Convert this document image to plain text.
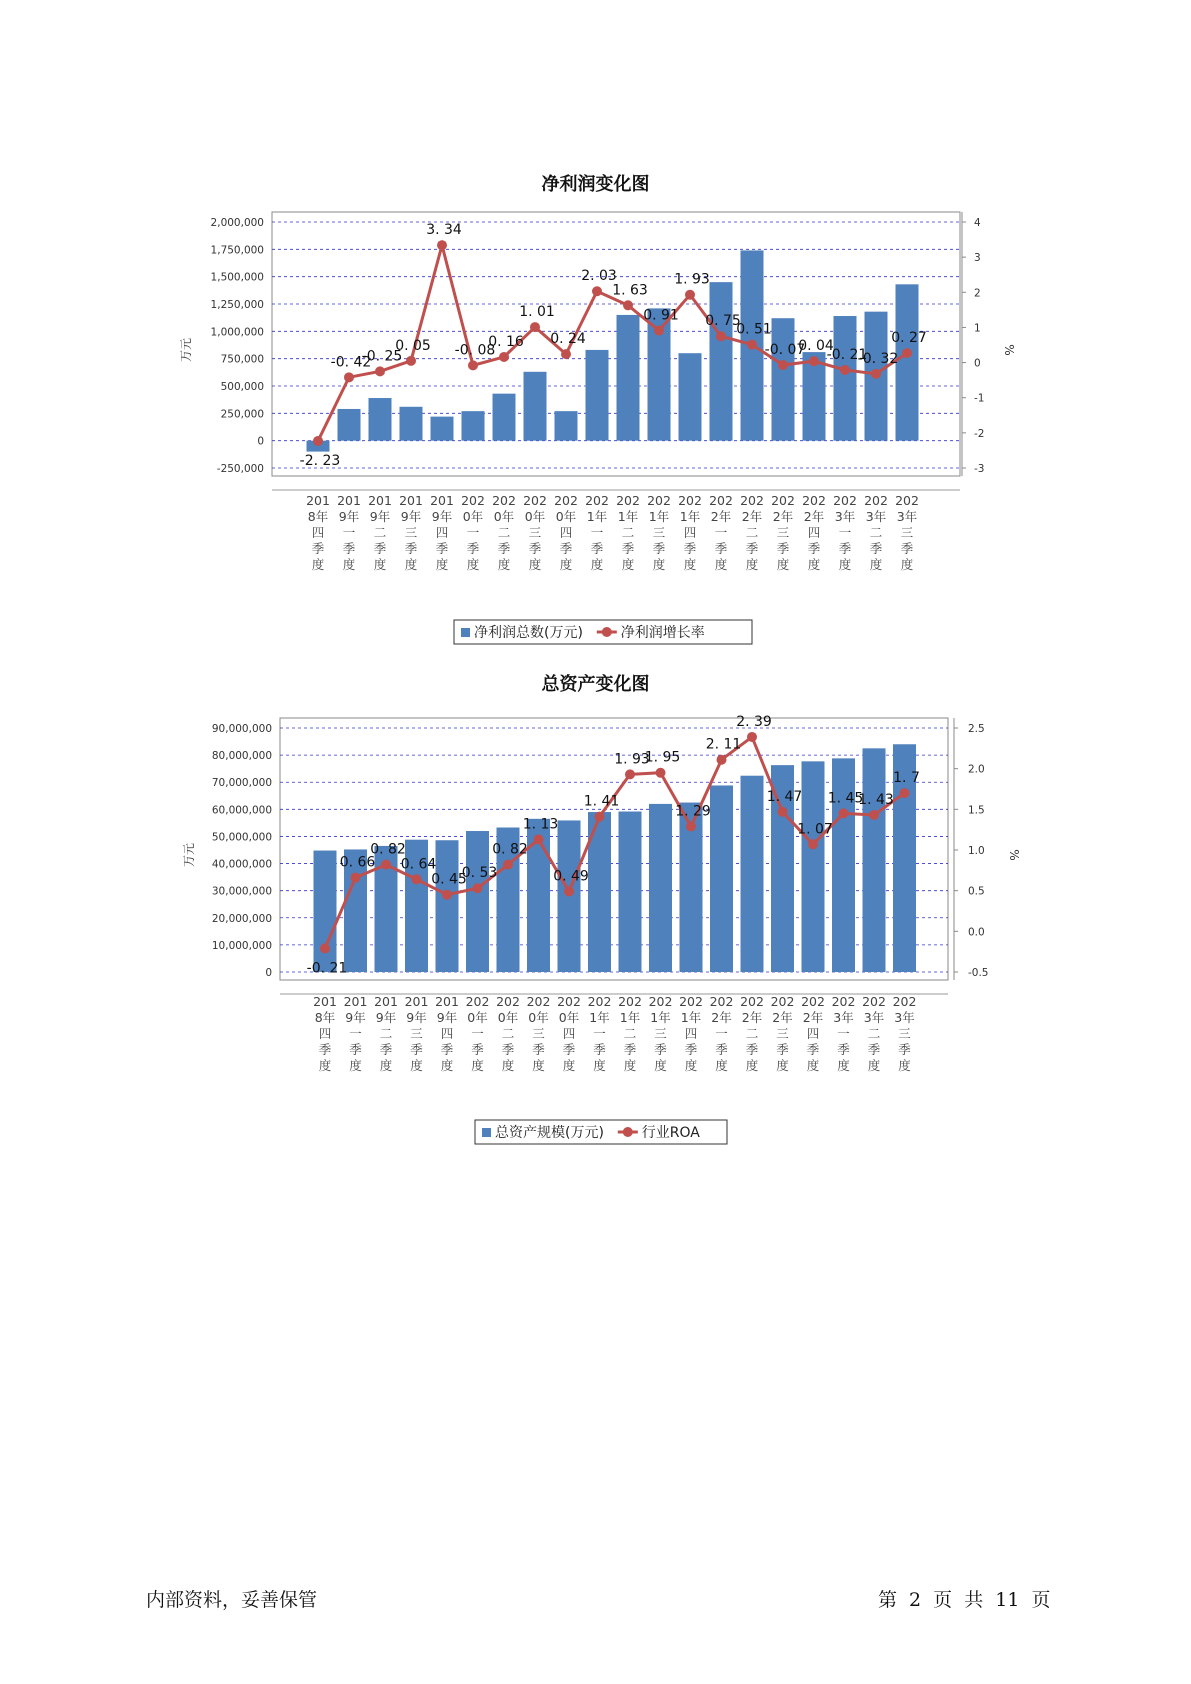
净利润变化图
2,000,000
1,750,000
1,500,000
1,250,000
1,000,000
750,000
500,000
250,000
0
-250,000
4
3
2
1
0
-1
-2
-3
万元	%
201
8年
四
季
度
201
9年
一
季
度
201
9年
二
季
度
201
9年
三
季
度
201
9年
四
季
度
202
0年
一
季
度
202
0年
二
季
度
202
0年
三
季
度
202
0年
四
季
度
202
1年
一
季
度
202
1年
二
季
度
202
1年
三
季
度
202
1年
四
季
度
202
2年
一
季
度
202
2年
二
季
度
202
2年
三
季
度
202
2年
四
季
度
202
3年
一
季
度
202
3年
二
季
度
202
3年
三
季
度
-2. 23
-0. 42
-0. 25
0. 05
3. 34
-0. 08
0. 16
1. 01
0. 24
2. 03
1. 63
0. 91
1. 93
0. 75
0. 51
-0. 07
0. 04
-0. 21
-0. 32
0. 27
净利润总数(万元)	净利润增长率
总资产变化图
90,000,000
80,000,000
70,000,000
60,000,000
50,000,000
40,000,000
30,000,000
20,000,000
10,000,000
0
2.5
2.0
1.5
1.0
0.5
0.0
-0.5
万元	%
201
8年
四
季
度
201
9年
一
季
度
201
9年
二
季
度
201
9年
三
季
度
201
9年
四
季
度
202
0年
一
季
度
202
0年
二
季
度
202
0年
三
季
度
202
0年
四
季
度
202
1年
一
季
度
202
1年
二
季
度
202
1年
三
季
度
202
1年
四
季
度
202
2年
一
季
度
202
2年
二
季
度
202
2年
三
季
度
202
2年
四
季
度
202
3年
一
季
度
202
3年
二
季
度
202
3年
三
季
度
-0. 21
0. 66
0. 82
0. 64
0. 45
0. 53
0. 82
1. 13
0. 49
1. 41
1. 93
1. 95
1. 29
2. 11
2. 39
1. 47
1. 07
1. 45
1. 43
1. 7
总资产规模(万元)	行业ROA
内部资料，妥善保管	第 2 页 共 11 页
